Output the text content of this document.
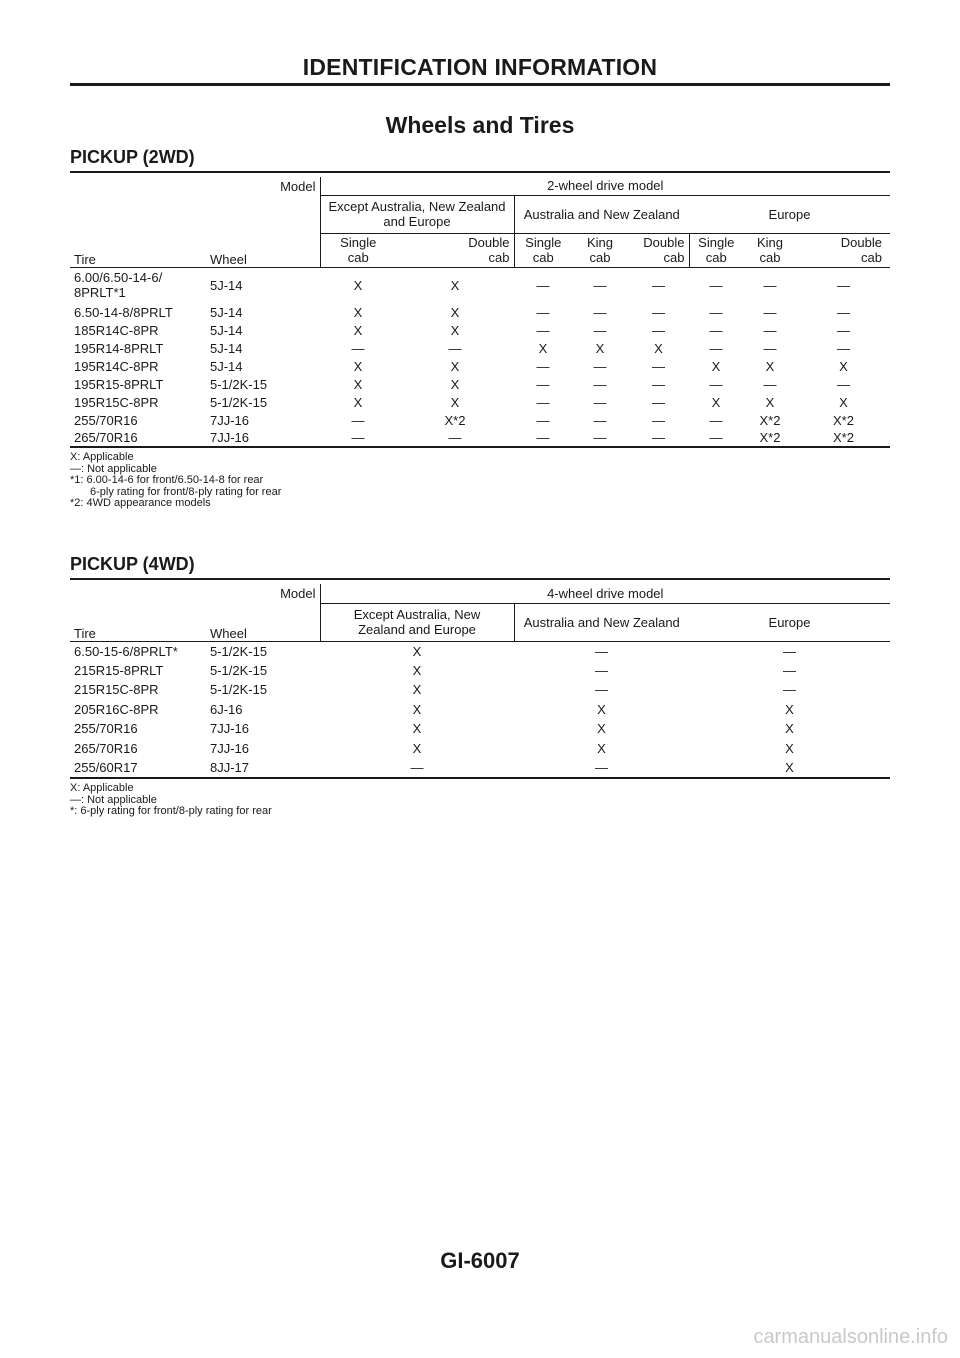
IDENTIFICATION INFORMATION
Wheels and Tires
PICKUP (2WD)
Model		2-wheel drive model							
		Except Australia, New Zealand
and Europe		Australia and New Zealand			Europe		
Tire	Wheel	Single
cab	Double
cab	Single
cab	King
cab	Double
cab	Single
cab	King
cab	Double
cab
6.00/6.50-14-6/
8PRLT*1	5J-14	X	X	—	—	—	—	—	—
6.50-14-8/8PRLT	5J-14	X	X	—	—	—	—	—	—
185R14C-8PR	5J-14	X	X	—	—	—	—	—	—
195R14-8PRLT	5J-14	—	—	X	X	X	—	—	—
195R14C-8PR	5J-14	X	X	—	—	—	X	X	X
195R15-8PRLT	5-1/2K-15	X	X	—	—	—	—	—	—
195R15C-8PR	5-1/2K-15	X	X	—	—	—	X	X	X
255/70R16	7JJ-16	—	X*2	—	—	—	—	X*2	X*2
265/70R16	7JJ-16	—	—	—	—	—	—	X*2	X*2
X: Applicable
—: Not applicable
*1: 6.00-14-6 for front/6.50-14-8 for rear
6-ply rating for front/8-ply rating for rear
*2: 4WD appearance models
PICKUP (4WD)
Model		4-wheel drive model		
Tire	Wheel	Except Australia, New
Zealand and Europe	Australia and New Zealand	Europe
6.50-15-6/8PRLT*	5-1/2K-15	X	—	—
215R15-8PRLT	5-1/2K-15	X	—	—
215R15C-8PR	5-1/2K-15	X	—	—
205R16C-8PR	6J-16	X	X	X
255/70R16	7JJ-16	X	X	X
265/70R16	7JJ-16	X	X	X
255/60R17	8JJ-17	—	—	X
X: Applicable
—: Not applicable
*: 6-ply rating for front/8-ply rating for rear
GI-6007
carmanualsonline.info
